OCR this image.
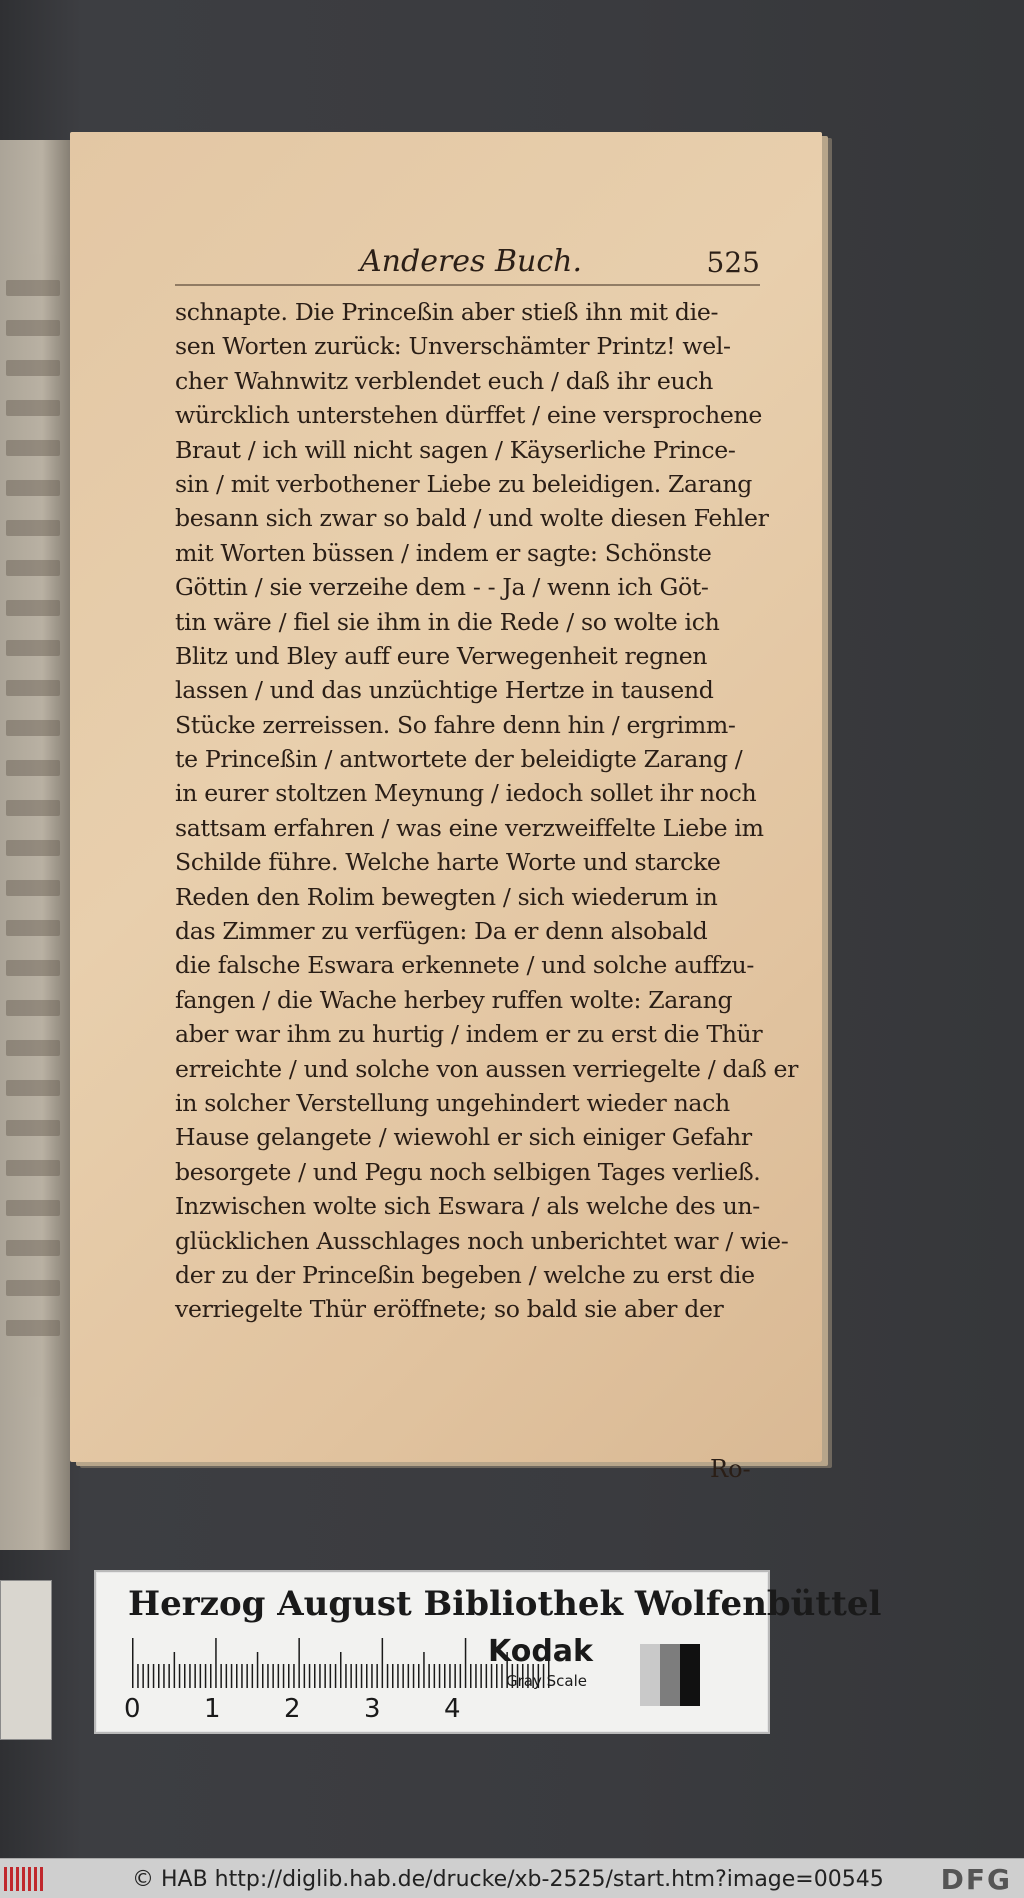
Anderes Buch.	525
schnapte. Die Princeßin aber stieß ihn mit die-
sen Worten zurück: Unverschämter Printz! wel-
cher Wahnwitz verblendet euch / daß ihr euch
würcklich unterstehen dürffet / eine versprochene
Braut / ich will nicht sagen / Käyserliche Prince-
sin / mit verbothener Liebe zu beleidigen. Zarang
besann sich zwar so bald / und wolte diesen Fehler
mit Worten büssen / indem er sagte: Schönste
Göttin / sie verzeihe dem - - Ja / wenn ich Göt-
tin wäre / fiel sie ihm in die Rede / so wolte ich
Blitz und Bley auff eure Verwegenheit regnen
lassen / und das unzüchtige Hertze in tausend
Stücke zerreissen. So fahre denn hin / ergrimm-
te Princeßin / antwortete der beleidigte Zarang /
in eurer stoltzen Meynung / iedoch sollet ihr noch
sattsam erfahren / was eine verzweiffelte Liebe im
Schilde führe. Welche harte Worte und starcke
Reden den Rolim bewegten / sich wiederum in
das Zimmer zu verfügen: Da er denn alsobald
die falsche Eswara erkennete / und solche auffzu-
fangen / die Wache herbey ruffen wolte: Zarang
aber war ihm zu hurtig / indem er zu erst die Thür
erreichte / und solche von aussen verriegelte / daß er
in solcher Verstellung ungehindert wieder nach
Hause gelangete / wiewohl er sich einiger Gefahr
besorgete / und Pegu noch selbigen Tages verließ.
Inzwischen wolte sich Eswara / als welche des un-
glücklichen Ausschlages noch unberichtet war / wie-
der zu der Princeßin begeben / welche zu erst die
verriegelte Thür eröffnete; so bald sie aber der
Ro-
Herzog August Bibliothek Wolfenbüttel
0 1 2 3 4
Kodak
Gray Scale
© HAB http://diglib.hab.de/drucke/xb-2525/start.htm?image=00545 DFG
